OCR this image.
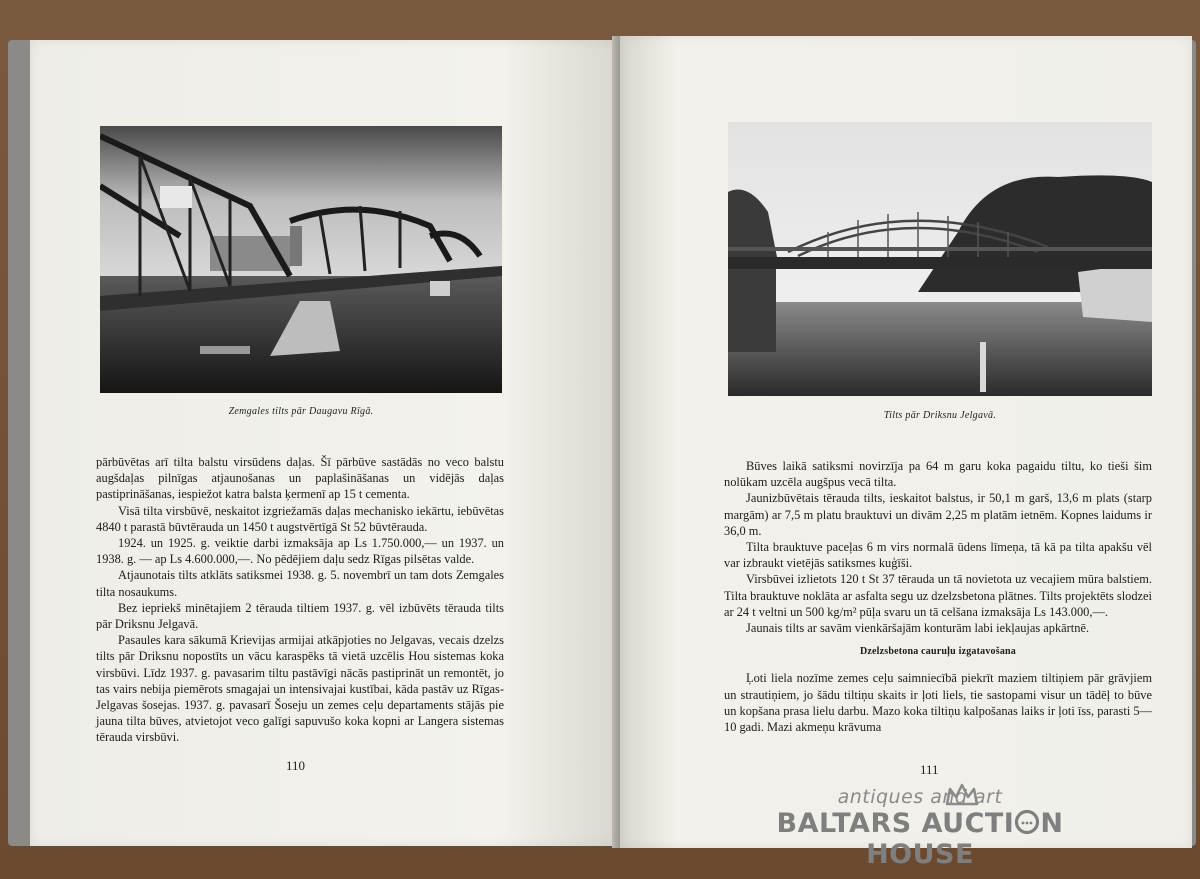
Zemgales tilts pār Daugavu Rīgā.

pārbūvētas arī tilta balstu virsūdens daļas. Šī pārbūve sastādās no veco balstu augšdaļas pilnīgas atjaunošanas un paplašināšanas un vidējās daļas pastiprināšanas, iespiežot katra balsta ķermenī ap 15 t cementa.

Visā tilta virsbūvē, neskaitot izgriežamās daļas mechanisko iekārtu, iebūvētas 4840 t parastā būvtērauda un 1450 t augstvērtīgā St 52 būvtērauda.

1924. un 1925. g. veiktie darbi izmaksāja ap Ls 1.750.000,— un 1937. un 1938. g. — ap Ls 4.600.000,—. No pēdējiem daļu sedz Rīgas pilsētas valde.

Atjaunotais tilts atklāts satiksmei 1938. g. 5. novembrī un tam dots Zemgales tilta nosaukums.

Bez iepriekš minētajiem 2 tērauda tiltiem 1937. g. vēl izbūvēts tērauda tilts pār Driksnu Jelgavā.

Pasaules kara sākumā Krievijas armijai atkāpjoties no Jelgavas, vecais dzelzs tilts pār Driksnu nopostīts un vācu karaspēks tā vietā uzcēlis Hou sistemas koka virsbūvi. Līdz 1937. g. pavasarim tiltu pastāvīgi nācās pastiprināt un remontēt, jo tas vairs nebija piemērots smagajai un intensivajai kustībai, kāda pastāv uz Rīgas-Jelgavas šosejas. 1937. g. pavasarī Šoseju un zemes ceļu departaments stājās pie jauna tilta būves, atvietojot veco galīgi sapuvušo koka kopni ar Langera sistemas tērauda virsbūvi.

110
Tilts pār Driksnu Jelgavā.

Būves laikā satiksmi novirzīja pa 64 m garu koka pagaidu tiltu, ko tieši šim nolūkam uzcēla augšpus vecā tilta.

Jaunizbūvētais tērauda tilts, ieskaitot balstus, ir 50,1 m garš, 13,6 m plats (starp margām) ar 7,5 m platu brauktuvi un divām 2,25 m platām ietnēm. Kopnes laidums ir 36,0 m.

Tilta brauktuve paceļas 6 m virs normalā ūdens līmeņa, tā kā pa tilta apakšu vēl var izbraukt vietējās satiksmes kuģīši.

Virsbūvei izlietots 120 t St 37 tērauda un tā novietota uz vecajiem mūra balstiem. Tilta brauktuve noklāta ar asfalta segu uz dzelzsbetona plātnes. Tilts projektēts slodzei ar 24 t veltni un 500 kg/m² pūļa svaru un tā celšana izmaksāja Ls 143.000,—.

Jaunais tilts ar savām vienkāršajām konturām labi iekļaujas apkārtnē.

Dzelzsbetona cauruļu izgatavošana

Ļoti liela nozīme zemes ceļu saimniecībā piekrīt maziem tiltiņiem pār grāvjiem un strautiņiem, jo šādu tiltiņu skaits ir ļoti liels, tie sastopami visur un tādēļ to būve un kopšana prasa lielu darbu. Mazo koka tiltiņu kalpošanas laiks ir ļoti īss, parasti 5—10 gadi. Mazi akmeņu krāvuma

111
antiques and art
BALTARS AUCTI N HOUSE
